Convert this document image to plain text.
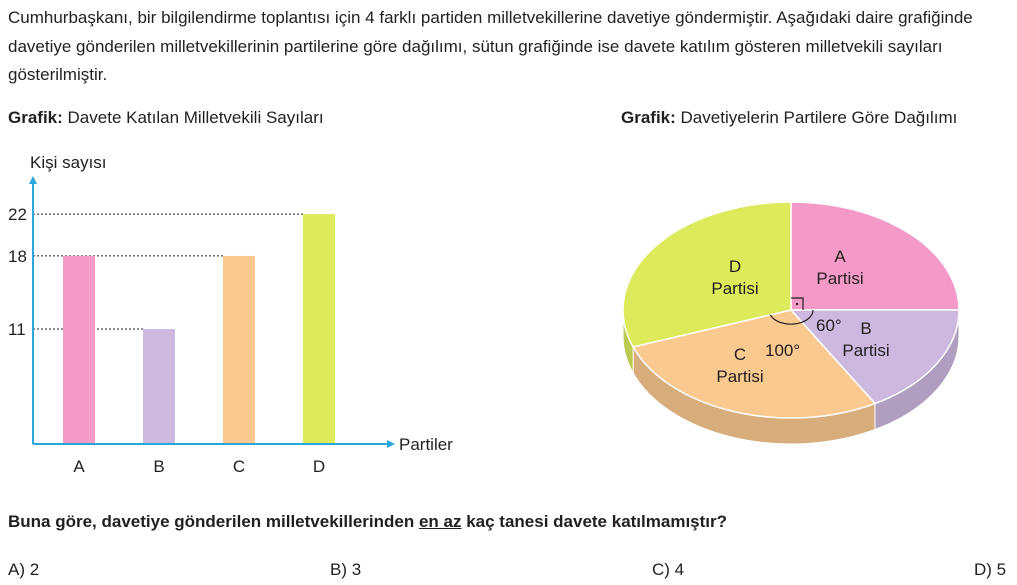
Cumhurbaşkanı, bir bilgilendirme toplantısı için 4 farklı partiden milletvekillerine davetiye göndermiştir. Aşağıdaki daire grafiğinde davetiye gönderilen milletvekillerinin partilerine göre dağılımı, sütun grafiğinde ise davete katılım gösteren milletvekili sayıları gösterilmiştir.

Grafik: Davete Katılan Milletvekili Sayıları	Grafik: Davetiyelerin Partilere Göre Dağılımı

A	B	C	D
11
18
22
Kişi sayısı
Partiler
A
Partisi
B
Partisi
C
Partisi
D
Partisi
60°
100°

Buna göre, davetiye gönderilen milletvekillerinden en az kaç tanesi davete katılmamıştır?

A) 2	B) 3	C) 4	D) 5
